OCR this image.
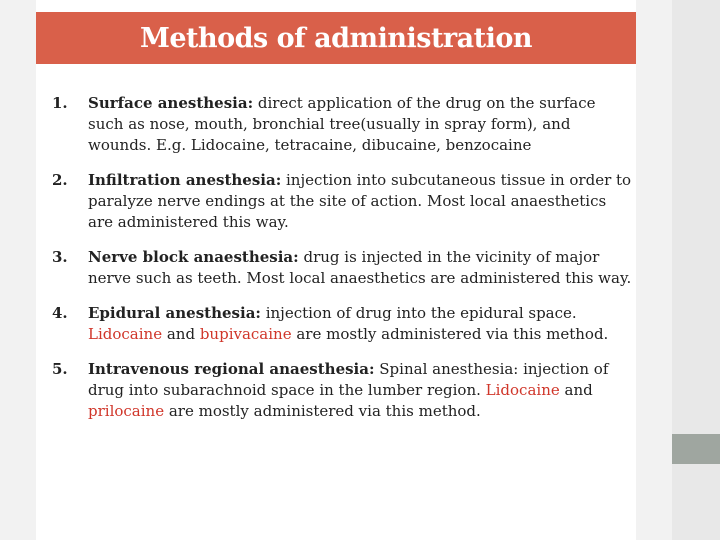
Methods of administration
1. Surface anesthesia: direct application of the drug on the surface such as nose, mouth, bronchial tree(usually in spray form), and wounds. E.g. Lidocaine, tetracaine, dibucaine, benzocaine
2. Infiltration anesthesia: injection into subcutaneous tissue in order to paralyze nerve endings at the site of action. Most local anaesthetics are administered this way.
3. Nerve block anaesthesia: drug is injected in the vicinity of major nerve such as teeth. Most local anaesthetics are administered this way.
4. Epidural anesthesia: injection of drug into the epidural space. Lidocaine and bupivacaine are mostly administered via this method.
5. Intravenous regional anaesthesia: Spinal anesthesia: injection of drug into subarachnoid space in the lumber region. Lidocaine and prilocaine are mostly administered via this method.
